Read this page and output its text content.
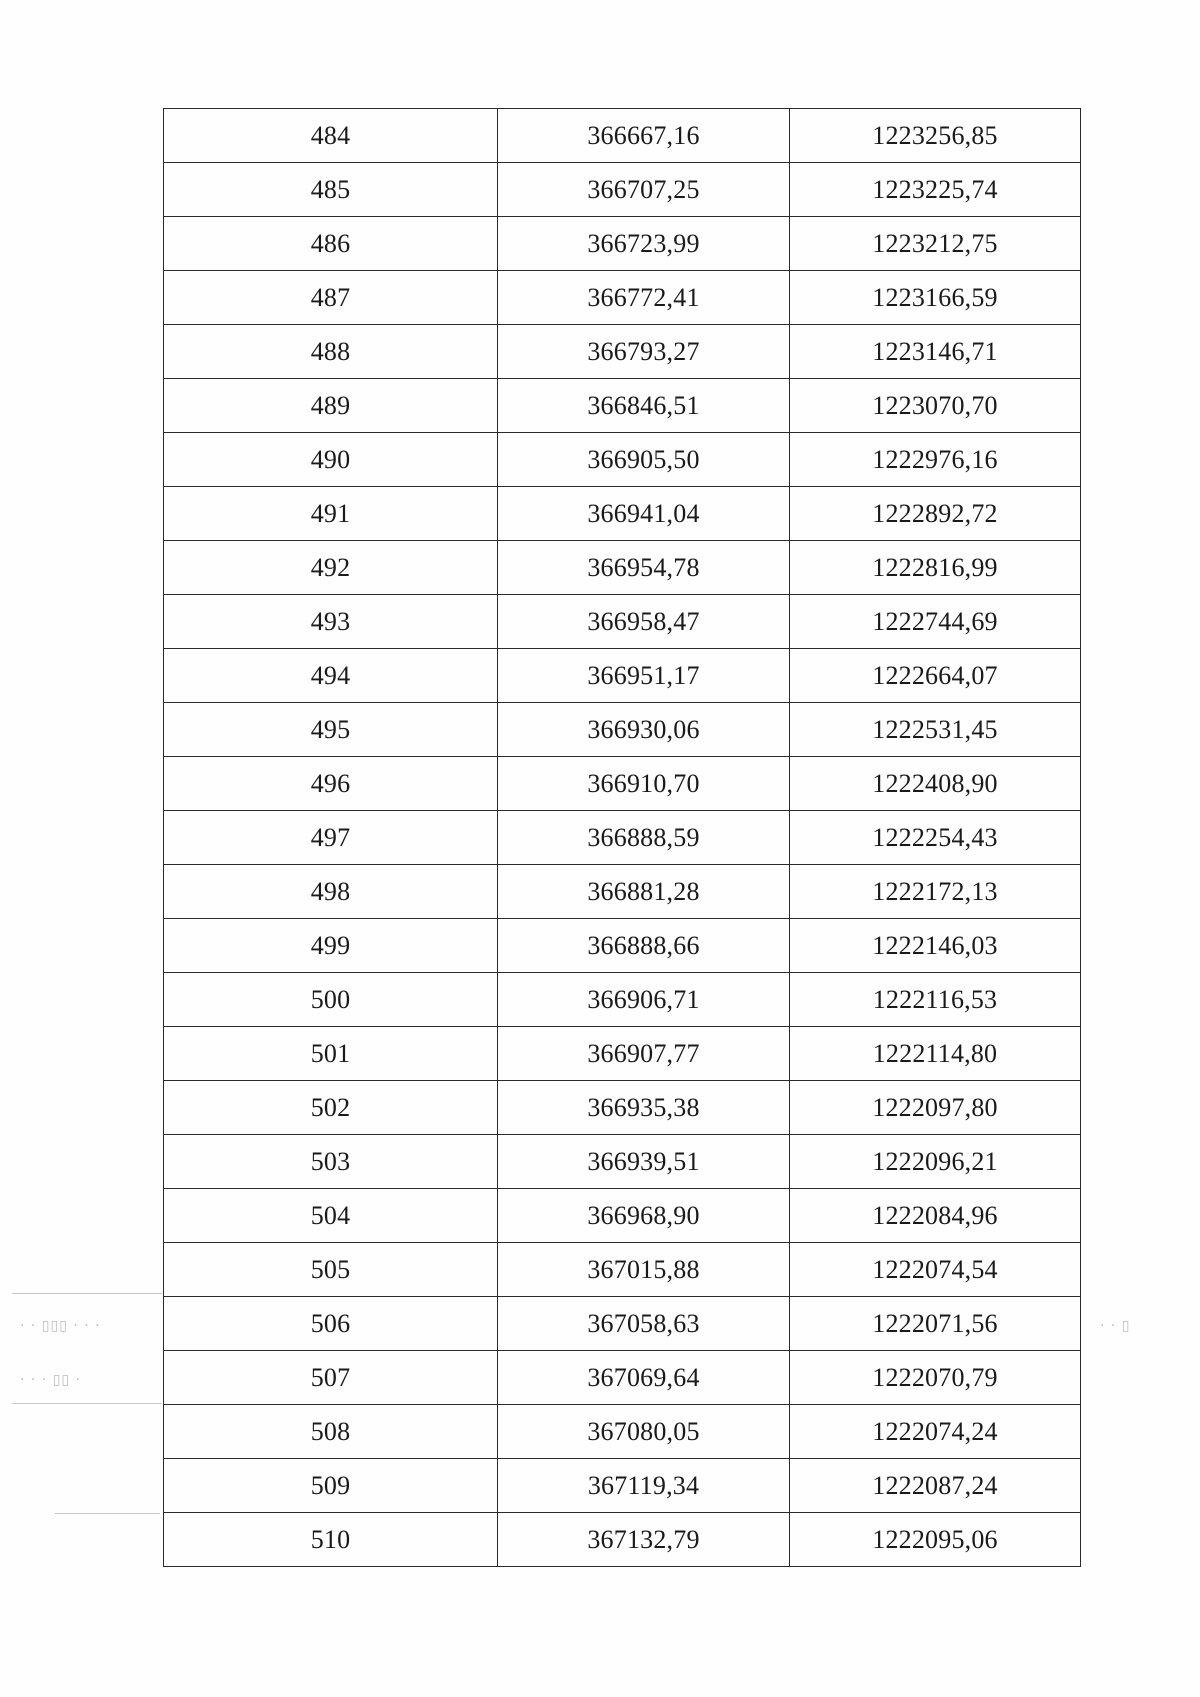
· · ▯▯▯ · · ·
· · · ▯▯ ·
· · ▯
484	366667,16	1223256,85
485	366707,25	1223225,74
486	366723,99	1223212,75
487	366772,41	1223166,59
488	366793,27	1223146,71
489	366846,51	1223070,70
490	366905,50	1222976,16
491	366941,04	1222892,72
492	366954,78	1222816,99
493	366958,47	1222744,69
494	366951,17	1222664,07
495	366930,06	1222531,45
496	366910,70	1222408,90
497	366888,59	1222254,43
498	366881,28	1222172,13
499	366888,66	1222146,03
500	366906,71	1222116,53
501	366907,77	1222114,80
502	366935,38	1222097,80
503	366939,51	1222096,21
504	366968,90	1222084,96
505	367015,88	1222074,54
506	367058,63	1222071,56
507	367069,64	1222070,79
508	367080,05	1222074,24
509	367119,34	1222087,24
510	367132,79	1222095,06
